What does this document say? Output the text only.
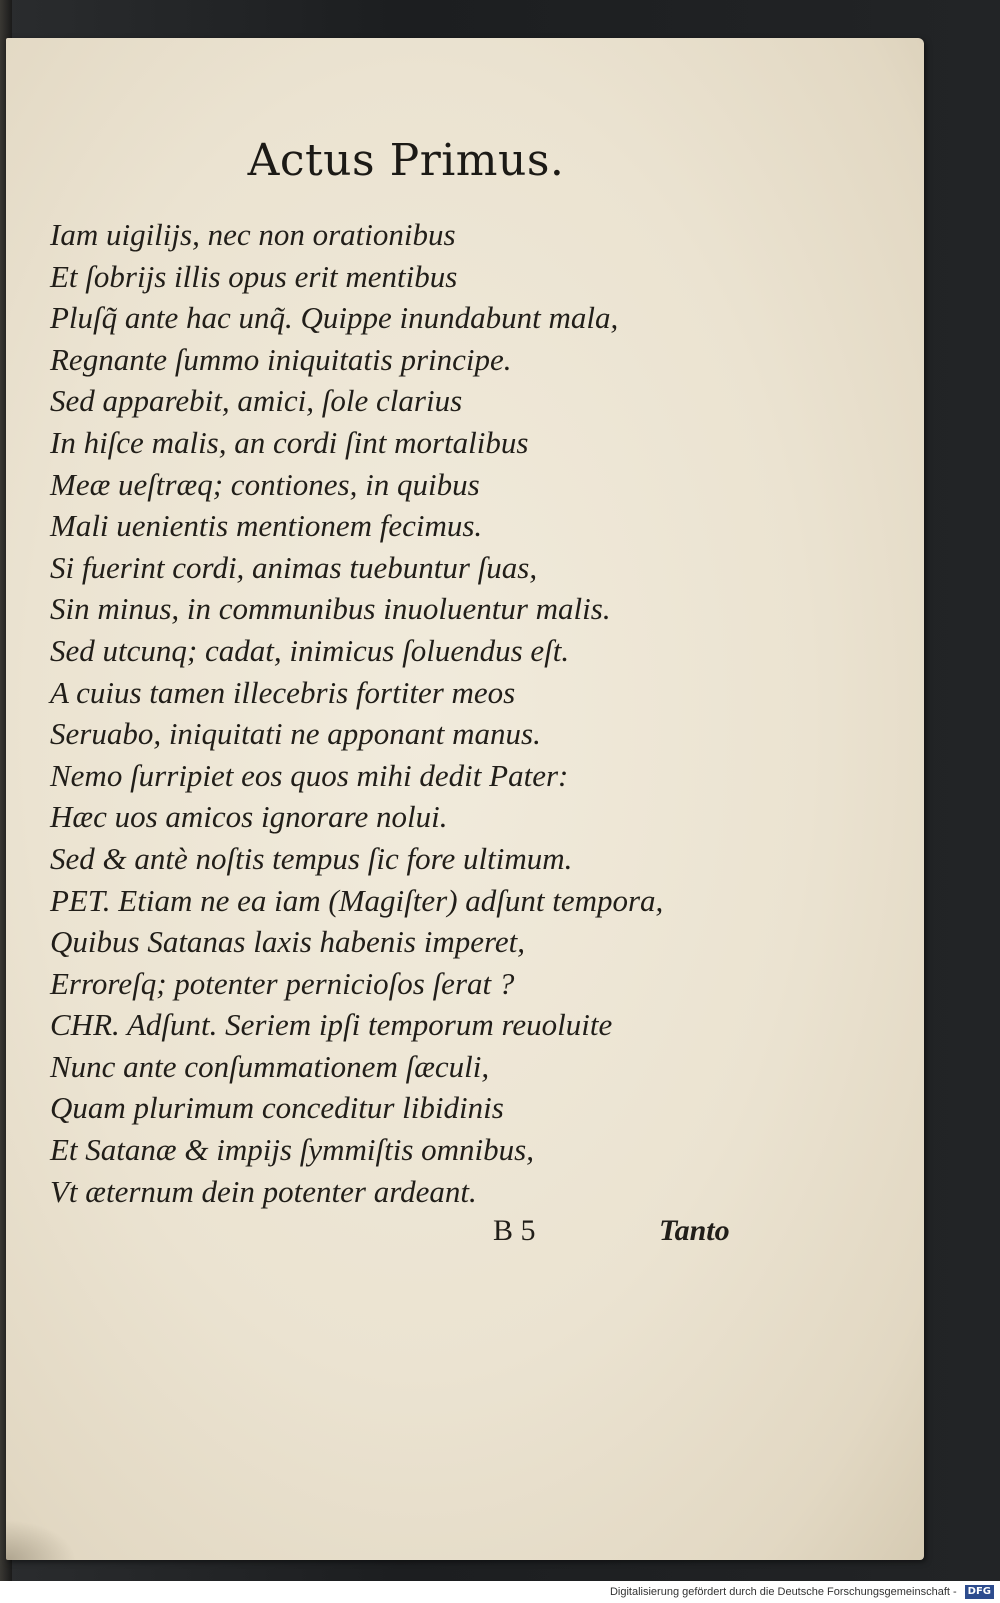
Actus Primus.
Iam uigilijs, nec non orationibus
Et ſobrijs illis opus erit mentibus
Pluſq̃ ante hac unq̃. Quippe inundabunt mala,
Regnante ſummo iniquitatis principe.
Sed apparebit, amici, ſole clarius
In hiſce malis, an cordi ſint mortalibus
Meæ ueſtræq; contiones, in quibus
Mali uenientis mentionem fecimus.
Si fuerint cordi, animas tuebuntur ſuas,
Sin minus, in communibus inuoluentur malis.
Sed utcunq; cadat, inimicus ſoluendus eſt.
A cuius tamen illecebris fortiter meos
Seruabo, iniquitati ne apponant manus.
Nemo ſurripiet eos quos mihi dedit Pater:
Hæc uos amicos ignorare nolui.
Sed & antè noſtis tempus ſic fore ultimum.
PET. Etiam ne ea iam (Magiſter) adſunt tempora,
Quibus Satanas laxis habenis imperet,
Erroreſq; potenter pernicioſos ſerat ?
CHR. Adſunt. Seriem ipſi temporum reuoluite
Nunc ante conſummationem ſæculi,
Quam plurimum conceditur libidinis
Et Satanæ & impijs ſymmiſtis omnibus,
Vt æternum dein potenter ardeant.
B 5	Tanto
Digitalisierung gefördert durch die Deutsche Forschungsgemeinschaft - DFG
